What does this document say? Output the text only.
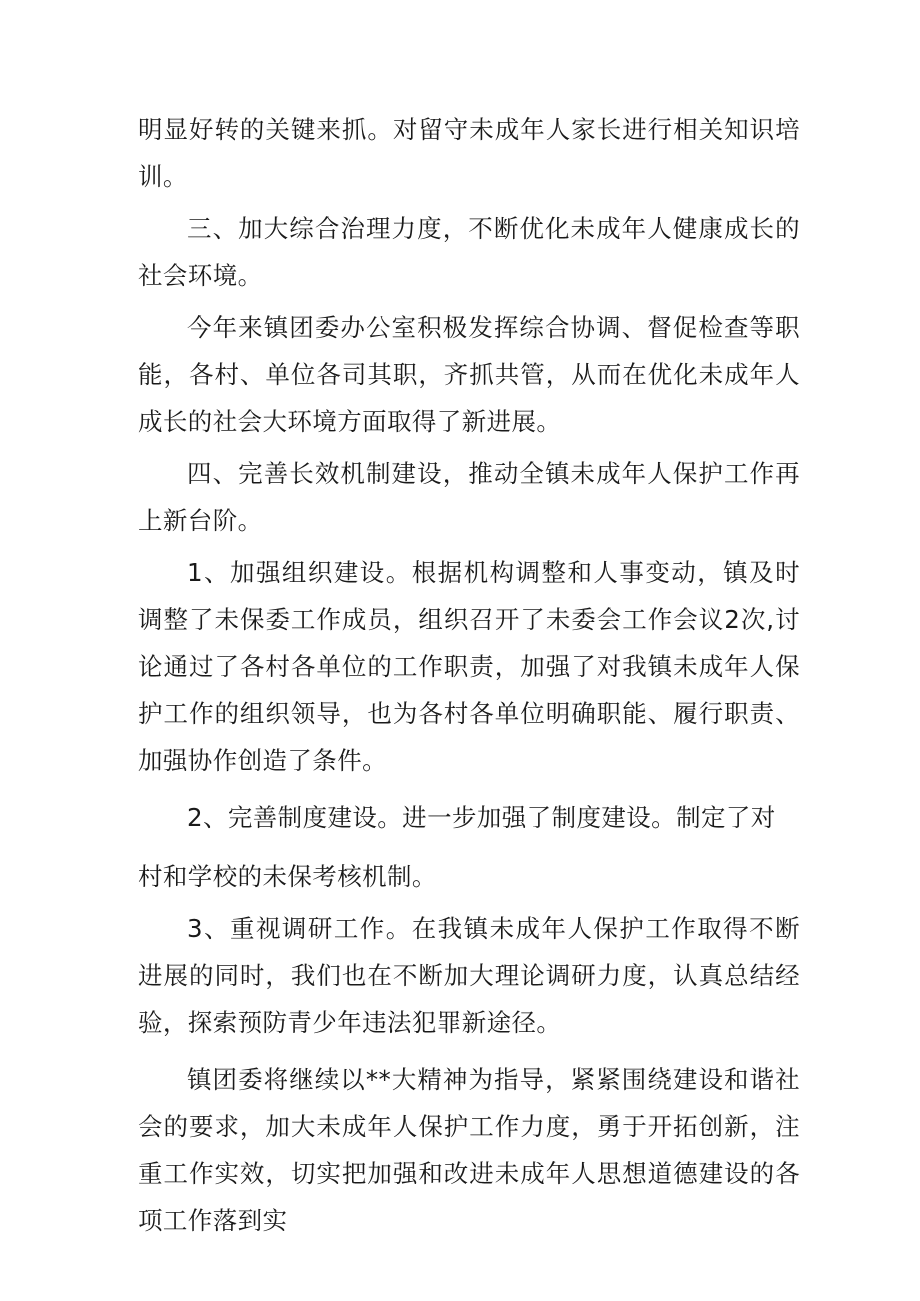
明显好转的关键来抓。对留守未成年人家长进行相关知识培训。

三、加大综合治理力度，不断优化未成年人健康成长的社会环境。

今年来镇团委办公室积极发挥综合协调、督促检查等职能，各村、单位各司其职，齐抓共管，从而在优化未成年人成长的社会大环境方面取得了新进展。

四、完善长效机制建设，推动全镇未成年人保护工作再上新台阶。

1、加强组织建设。根据机构调整和人事变动，镇及时调整了未保委工作成员，组织召开了未委会工作会议2次,讨论通过了各村各单位的工作职责，加强了对我镇未成年人保护工作的组织领导，也为各村各单位明确职能、履行职责、加强协作创造了条件。

2、完善制度建设。进一步加强了制度建设。制定了对

村和学校的未保考核机制。

3、重视调研工作。在我镇未成年人保护工作取得不断进展的同时，我们也在不断加大理论调研力度，认真总结经验，探索预防青少年违法犯罪新途径。

镇团委将继续以**大精神为指导，紧紧围绕建设和谐社会的要求，加大未成年人保护工作力度，勇于开拓创新，注重工作实效，切实把加强和改进未成年人思想道德建设的各项工作落到实
